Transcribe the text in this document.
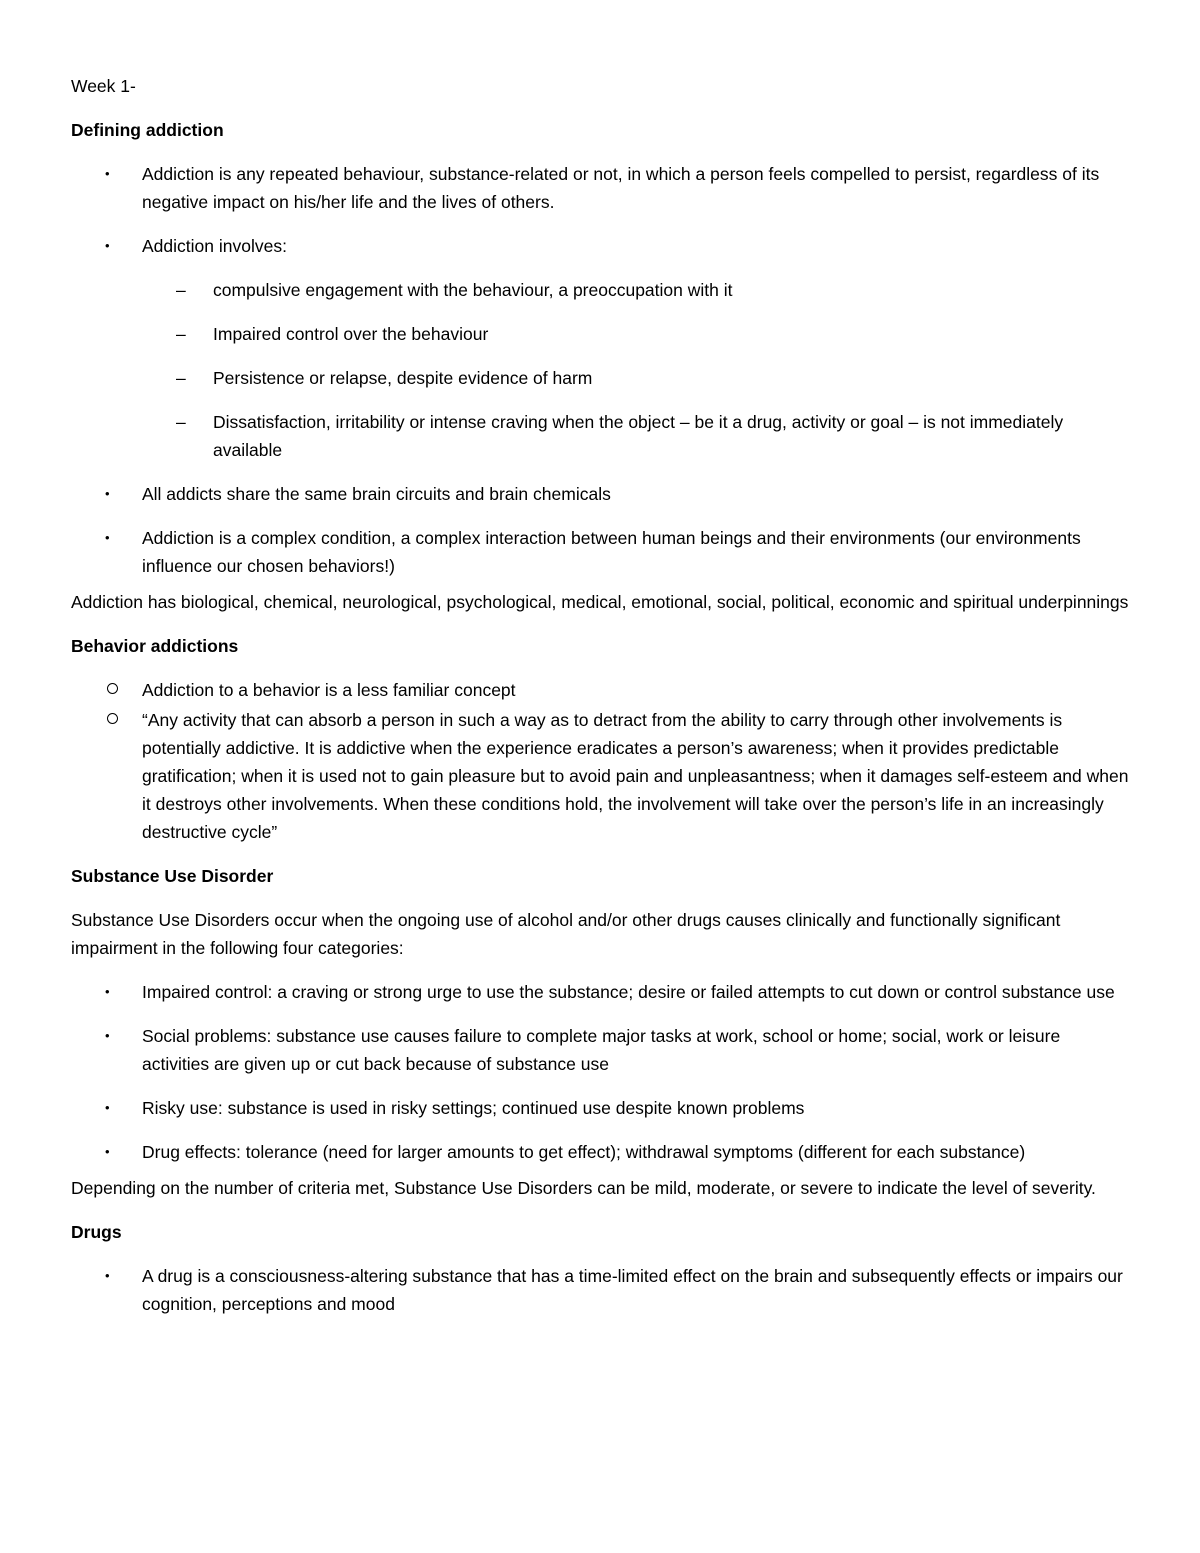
Week 1-

Defining addiction

• Addiction is any repeated behaviour, substance-related or not, in which a person feels compelled to persist, regardless of its negative impact on his/her life and the lives of others.
• Addiction involves:
– compulsive engagement with the behaviour, a preoccupation with it
– Impaired control over the behaviour
– Persistence or relapse, despite evidence of harm
– Dissatisfaction, irritability or intense craving when the object – be it a drug, activity or goal – is not immediately available
• All addicts share the same brain circuits and brain chemicals
• Addiction is a complex condition, a complex interaction between human beings and their environments (our environments influence our chosen behaviors!)

Addiction has biological, chemical, neurological, psychological, medical, emotional, social, political, economic and spiritual underpinnings

Behavior addictions

Addiction to a behavior is a less familiar concept
“Any activity that can absorb a person in such a way as to detract from the ability to carry through other involvements is potentially addictive. It is addictive when the experience eradicates a person’s awareness; when it provides predictable gratification; when it is used not to gain pleasure but to avoid pain and unpleasantness; when it damages self-esteem and when it destroys other involvements. When these conditions hold, the involvement will take over the person’s life in an increasingly destructive cycle”

Substance Use Disorder

Substance Use Disorders occur when the ongoing use of alcohol and/or other drugs causes clinically and functionally significant impairment in the following four categories:

• Impaired control: a craving or strong urge to use the substance; desire or failed attempts to cut down or control substance use
• Social problems: substance use causes failure to complete major tasks at work, school or home; social, work or leisure activities are given up or cut back because of substance use
• Risky use: substance is used in risky settings; continued use despite known problems
• Drug effects: tolerance (need for larger amounts to get effect); withdrawal symptoms (different for each substance)

Depending on the number of criteria met, Substance Use Disorders can be mild, moderate, or severe to indicate the level of severity.

Drugs

• A drug is a consciousness-altering substance that has a time-limited effect on the brain and subsequently effects or impairs our cognition, perceptions and mood
